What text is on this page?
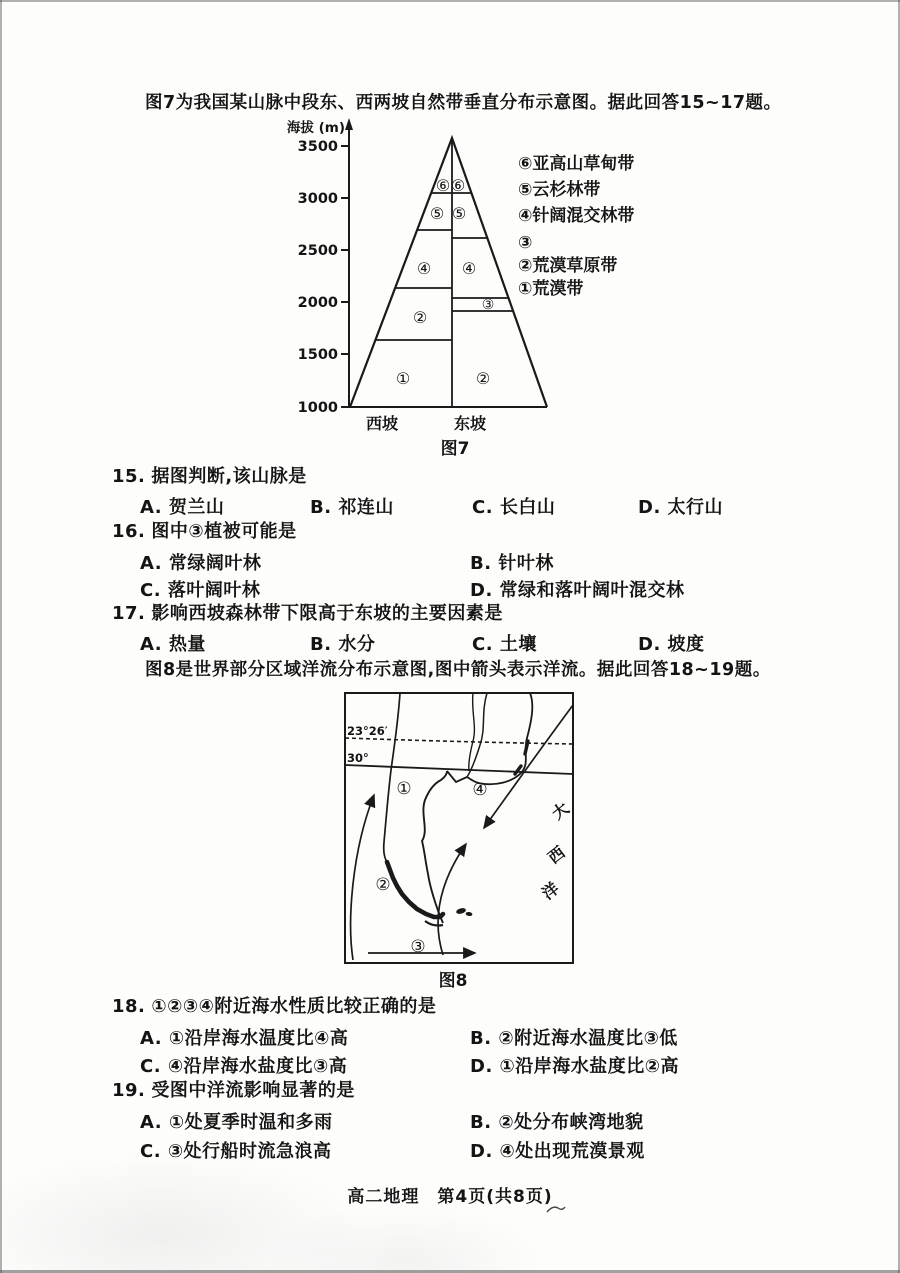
图7为我国某山脉中段东、西两坡自然带垂直分布示意图。据此回答15~17题。
海拔 (m)
3500
3000
2500
2000
1500
1000
⑥ ⑥
⑤ ⑤
④ ④
③
②
②
①
西坡	东坡
图7
⑥亚高山草甸带
⑤云杉林带
④针阔混交林带
③
②荒漠草原带
①荒漠带
15. 据图判断,该山脉是
A. 贺兰山	B. 祁连山	C. 长白山	D. 太行山
16. 图中③植被可能是
A. 常绿阔叶林	B. 针叶林
C. 落叶阔叶林	D. 常绿和落叶阔叶混交林
17. 影响西坡森林带下限高于东坡的主要因素是
A. 热量	B. 水分	C. 土壤	D. 坡度
图8是世界部分区域洋流分布示意图,图中箭头表示洋流。据此回答18~19题。
23°26′
30°
①
②
③
④
大
西
洋
图8
18. ①②③④附近海水性质比较正确的是
A. ①沿岸海水温度比④高	B. ②附近海水温度比③低
C. ④沿岸海水盐度比③高	D. ①沿岸海水盐度比②高
19. 受图中洋流影响显著的是
A. ①处夏季时温和多雨	B. ②处分布峡湾地貌
C. ③处行船时流急浪高	D. ④处出现荒漠景观
高二地理　第4页(共8页)
